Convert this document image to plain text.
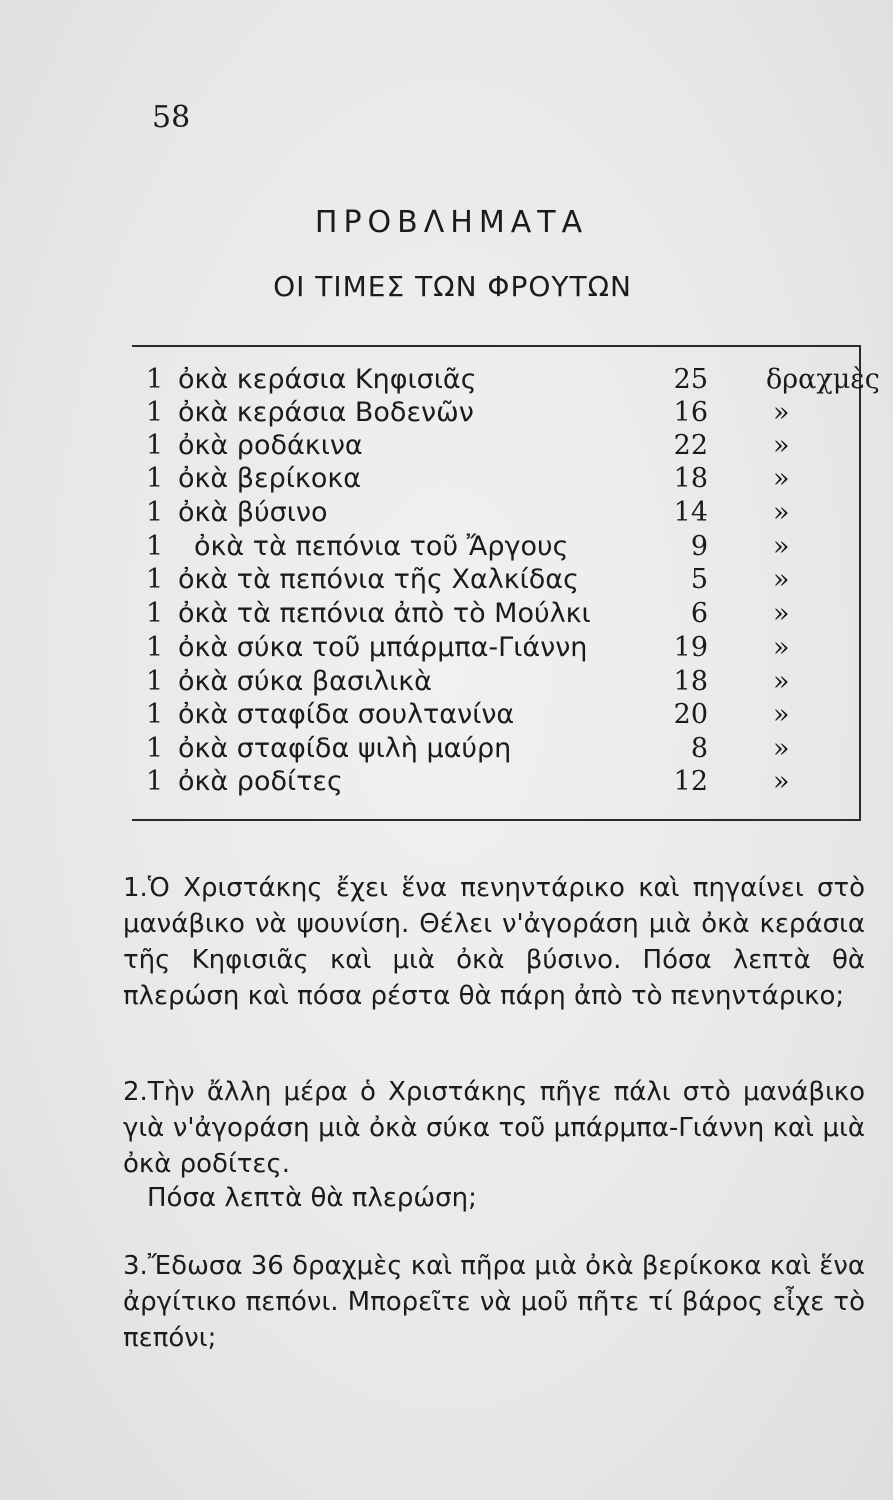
58
ΠΡΟΒΛΗΜΑΤΑ
ΟΙ ΤΙΜΕΣ ΤΩΝ ΦΡΟΥΤΩΝ
1 ὀκὰ κεράσια Κηφισιᾶς	25 δραχμὲς
1 ὀκὰ κεράσια Βοδενῶν	16 »
1 ὀκὰ ροδάκινα	22 »
1 ὀκὰ βερίκοκα	18 »
1 ὀκὰ βύσινο	14 »
1 ὀκὰ τὰ πεπόνια τοῦ Ἄργους	9 »
1 ὀκὰ τὰ πεπόνια τῆς Χαλκίδας	5 »
1 ὀκὰ τὰ πεπόνια ἀπὸ τὸ Μούλκι	6 »
1 ὀκὰ σύκα τοῦ μπάρμπα-Γιάννη	19 »
1 ὀκὰ σύκα βασιλικὰ	18 »
1 ὀκὰ σταφίδα σουλτανίνα	20 »
1 ὀκὰ σταφίδα ψιλὴ μαύρη	8 »
1 ὀκὰ ροδίτες	12 »
1.Ὁ Χριστάκης ἔχει ἕνα πενηντάρικο καὶ πηγαίνει στὸ μανάβικο νὰ ψουνίση. Θέλει ν'ἀγοράση μιὰ ὀκὰ κεράσια τῆς Κηφισιᾶς καὶ μιὰ ὀκὰ βύσινο. Πόσα λεπτὰ θὰ πλερώση καὶ πόσα ρέστα θὰ πάρη ἀπὸ τὸ πενηντάρικο;
2.Τὴν ἄλλη μέρα ὁ Χριστάκης πῆγε πάλι στὸ μανάβικο γιὰ ν'ἀγοράση μιὰ ὀκὰ σύκα τοῦ μπάρμπα-Γιάννη καὶ μιὰ ὀκὰ ροδίτες.
Πόσα λεπτὰ θὰ πλερώση;
3.Ἔδωσα 36 δραχμὲς καὶ πῆρα μιὰ ὀκὰ βερίκοκα καὶ ἕνα ἀργίτικο πεπόνι. Μπορεῖτε νὰ μοῦ πῆτε τί βάρος εἶχε τὸ πεπόνι;
